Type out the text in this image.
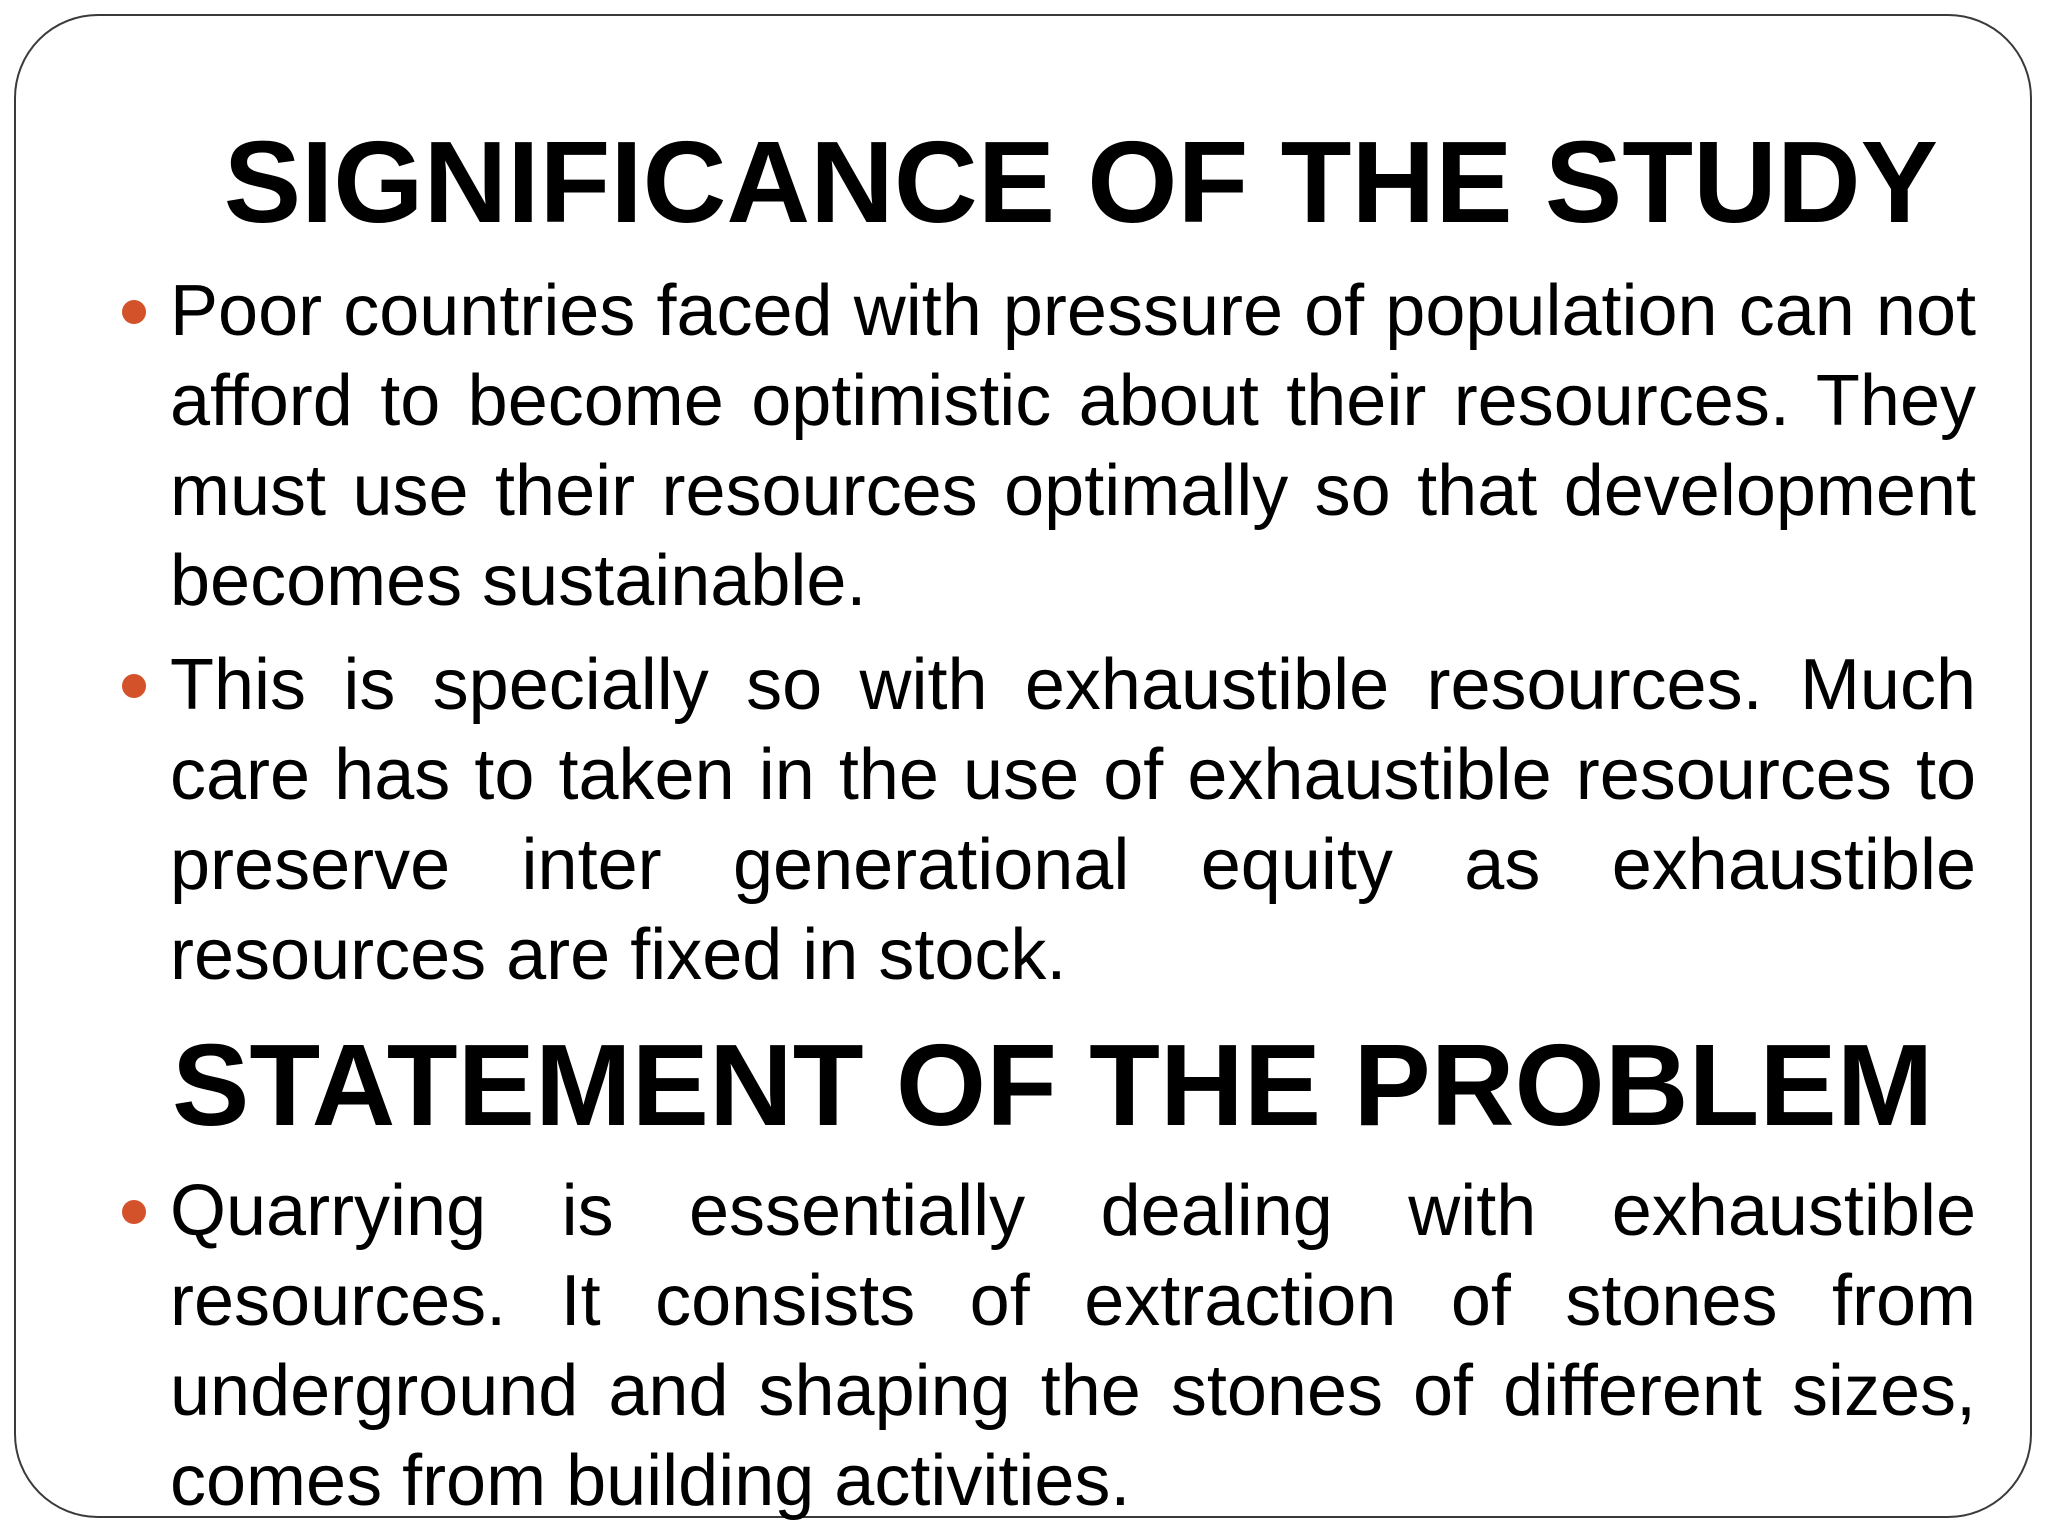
SIGNIFICANCE OF THE STUDY
Poor countries faced with pressure of population can not afford to become optimistic about their resources. They must use their resources optimally so that development becomes sustainable.
This is specially so with exhaustible resources. Much care has to taken in the use of exhaustible resources to preserve inter generational equity as exhaustible resources are fixed in stock.
STATEMENT OF THE PROBLEM
Quarrying is essentially dealing with exhaustible resources. It consists of extraction of stones from underground and shaping the stones of different sizes, comes from building activities.
